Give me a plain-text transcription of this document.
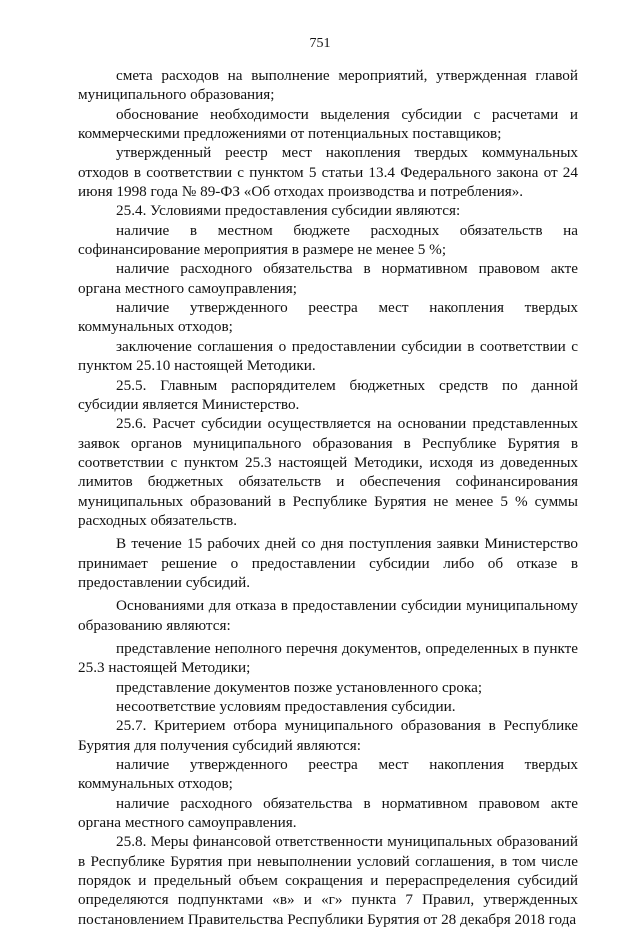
751

смета расходов на выполнение мероприятий, утвержденная главой муниципального образования;

обоснование необходимости выделения субсидии с расчетами и коммерческими предложениями от потенциальных поставщиков;

утвержденный реестр мест накопления твердых коммунальных отходов в соответствии с пунктом 5 статьи 13.4 Федерального закона от 24 июня 1998 года № 89-ФЗ «Об отходах производства и потребления».

25.4. Условиями предоставления субсидии являются:

наличие в местном бюджете расходных обязательств на софинансирование мероприятия в размере не менее 5 %;

наличие расходного обязательства в нормативном правовом акте органа местного самоуправления;

наличие утвержденного реестра мест накопления твердых коммунальных отходов;

заключение соглашения о предоставлении субсидии в соответствии с пунктом 25.10 настоящей Методики.

25.5. Главным распорядителем бюджетных средств по данной субсидии является Министерство.

25.6. Расчет субсидии осуществляется на основании представленных заявок органов муниципального образования в Республике Бурятия в соответствии с пунктом 25.3 настоящей Методики, исходя из доведенных лимитов бюджетных обязательств и обеспечения софинансирования муниципальных образований в Республике Бурятия не менее 5 % суммы расходных обязательств.

В течение 15 рабочих дней со дня поступления заявки Министерство принимает решение о предоставлении субсидии либо об отказе в предоставлении субсидий.

Основаниями для отказа в предоставлении субсидии муниципальному образованию являются:

представление неполного перечня документов, определенных в пункте 25.3 настоящей Методики;

представление документов позже установленного срока;

несоответствие условиям предоставления субсидии.

25.7. Критерием отбора муниципального образования в Республике Бурятия для получения субсидий являются:

наличие утвержденного реестра мест накопления твердых коммунальных отходов;

наличие расходного обязательства в нормативном правовом акте органа местного самоуправления.

25.8. Меры финансовой ответственности муниципальных образований в Республике Бурятия при невыполнении условий соглашения, в том числе порядок и предельный объем сокращения и перераспределения субсидий определяются подпунктами «в» и «г» пункта 7 Правил, утвержденных постановлением Правительства Республики Бурятия от 28 декабря 2018 года
